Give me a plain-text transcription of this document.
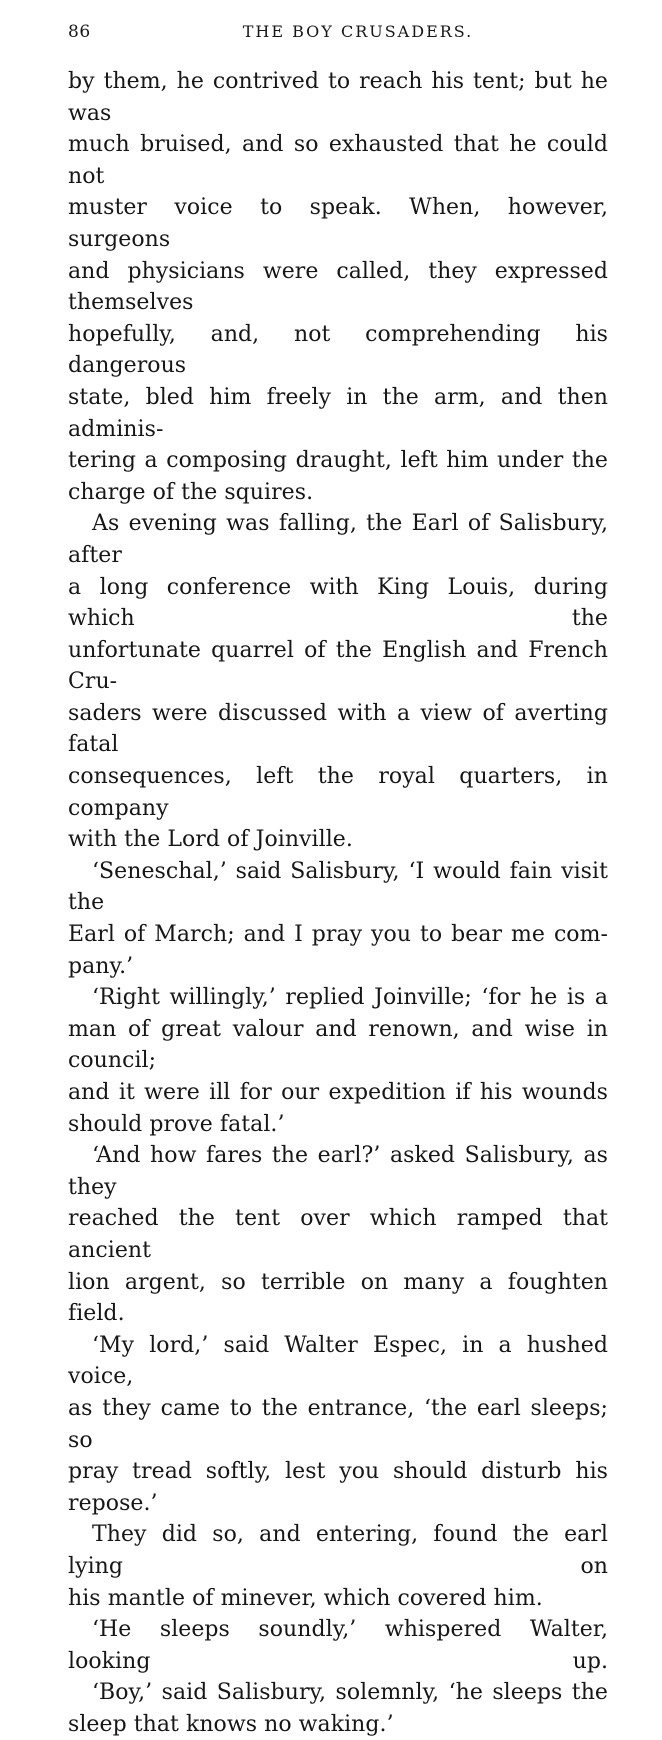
86	THE BOY CRUSADERS.

by them, he contrived to reach his tent; but he was

much bruised, and so exhausted that he could not

muster voice to speak. When, however, surgeons

and physicians were called, they expressed themselves

hopefully, and, not comprehending his dangerous

state, bled him freely in the arm, and then adminis-

tering a composing draught, left him under the

charge of the squires.

As evening was falling, the Earl of Salisbury, after

a long conference with King Louis, during which the

unfortunate quarrel of the English and French Cru-

saders were discussed with a view of averting fatal

consequences, left the royal quarters, in company

with the Lord of Joinville.

‘Seneschal,’ said Salisbury, ‘I would fain visit the

Earl of March; and I pray you to bear me com-

pany.’

‘Right willingly,’ replied Joinville; ‘for he is a

man of great valour and renown, and wise in council;

and it were ill for our expedition if his wounds

should prove fatal.’

‘And how fares the earl?’ asked Salisbury, as they

reached the tent over which ramped that ancient

lion argent, so terrible on many a foughten field.

‘My lord,’ said Walter Espec, in a hushed voice,

as they came to the entrance, ‘the earl sleeps; so

pray tread softly, lest you should disturb his repose.’

They did so, and entering, found the earl lying on

his mantle of minever, which covered him.

‘He sleeps soundly,’ whispered Walter, looking up.

‘Boy,’ said Salisbury, solemnly, ‘he sleeps the

sleep that knows no waking.’
